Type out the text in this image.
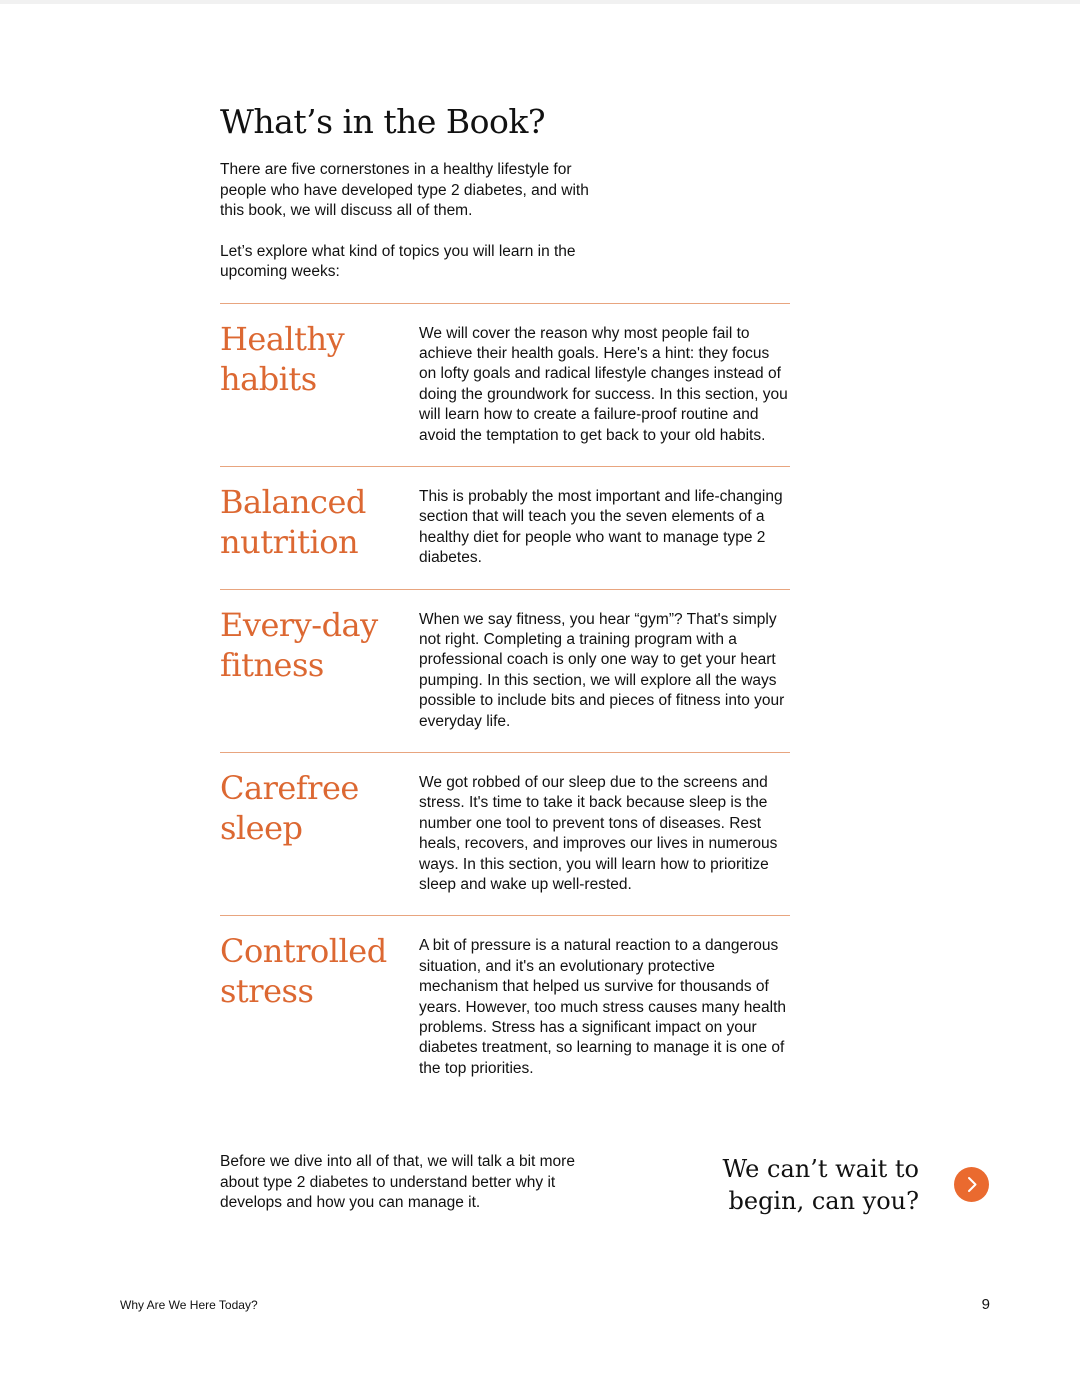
What’s in the Book?

There are five cornerstones in a healthy lifestyle for people who have developed type 2 diabetes, and with this book, we will discuss all of them.

Let’s explore what kind of topics you will learn in the upcoming weeks:

Healthy
habits
We will cover the reason why most people fail to achieve their health goals. Here's a hint: they focus on lofty goals and radical lifestyle changes instead of doing the groundwork for success. In this section, you will learn how to create a failure-proof routine and avoid the temptation to get back to your old habits.
Balanced
nutrition
This is probably the most important and life-changing section that will teach you the seven elements of a healthy diet for people who want to manage type 2 diabetes.
Every-day
fitness
When we say fitness, you hear “gym”? That's simply not right. Completing a training program with a professional coach is only one way to get your heart pumping. In this section, we will explore all the ways possible to include bits and pieces of fitness into your everyday life.
Carefree
sleep
We got robbed of our sleep due to the screens and stress. It's time to take it back because sleep is the number one tool to prevent tons of diseases. Rest heals, recovers, and improves our lives in numerous ways. In this section, you will learn how to prioritize sleep and wake up well-rested.
Controlled
stress
A bit of pressure is a natural reaction to a dangerous situation, and it's an evolutionary protective mechanism that helped us survive for thousands of years. However, too much stress causes many health problems. Stress has a significant impact on your diabetes treatment, so learning to manage it is one of the top priorities.
Before we dive into all of that, we will talk a bit more about type 2 diabetes to understand better why it develops and how you can manage it.
We can’t wait to
begin, can you?
Why Are We Here Today?	9
